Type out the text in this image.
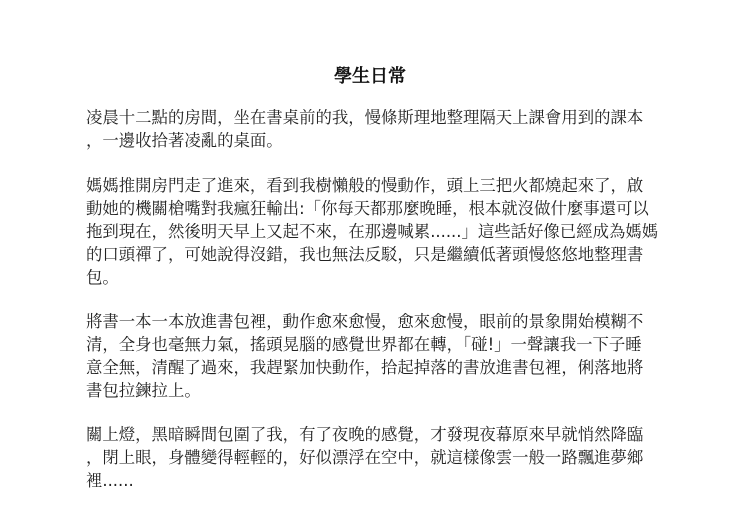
學生日常
凌晨十二點的房間，坐在書桌前的我，慢條斯理地整理隔天上課會用到的課本
，一邊收拾著凌亂的桌面。
媽媽推開房門走了進來，看到我樹懶般的慢動作，頭上三把火都燒起來了，啟
動她的機關槍嘴對我瘋狂輸出:「你每天都那麼晚睡，根本就沒做什麼事還可以
拖到現在，然後明天早上又起不來，在那邊喊累......」這些話好像已經成為媽媽
的口頭禪了，可她說得沒錯，我也無法反駁，只是繼續低著頭慢悠悠地整理書
包。
將書一本一本放進書包裡，動作愈來愈慢，愈來愈慢，眼前的景象開始模糊不
清，全身也毫無力氣，搖頭晃腦的感覺世界都在轉，「碰!」一聲讓我一下子睡
意全無，清醒了過來，我趕緊加快動作，拾起掉落的書放進書包裡，俐落地將
書包拉鍊拉上。
關上燈，黑暗瞬間包圍了我，有了夜晚的感覺，才發現夜幕原來早就悄然降臨
，閉上眼，身體變得輕輕的，好似漂浮在空中，就這樣像雲一般一路飄進夢鄉
裡......
